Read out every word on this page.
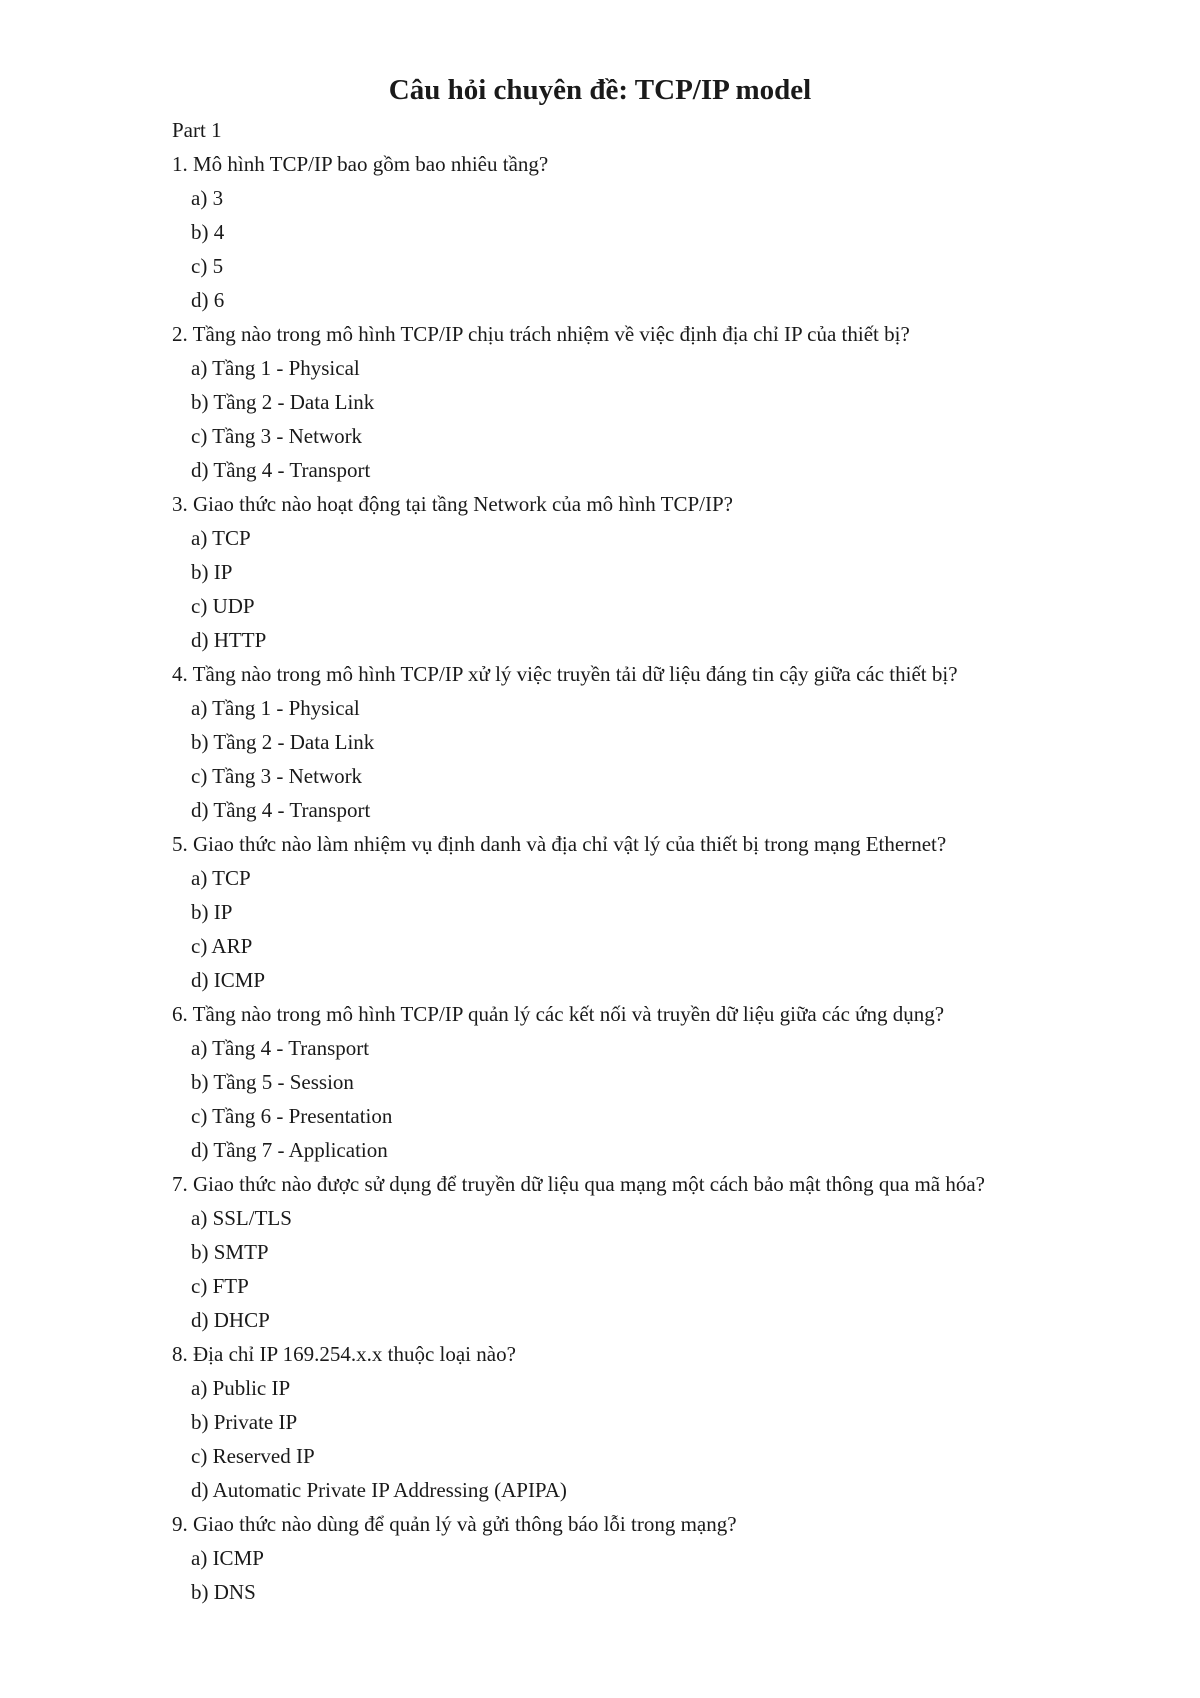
Câu hỏi chuyên đề: TCP/IP model
Part 1
1. Mô hình TCP/IP bao gồm bao nhiêu tầng?
a) 3
b) 4
c) 5
d) 6
2. Tầng nào trong mô hình TCP/IP chịu trách nhiệm về việc định địa chỉ IP của thiết bị?
a) Tầng 1 - Physical
b) Tầng 2 - Data Link
c) Tầng 3 - Network
d) Tầng 4 - Transport
3. Giao thức nào hoạt động tại tầng Network của mô hình TCP/IP?
a) TCP
b) IP
c) UDP
d) HTTP
4. Tầng nào trong mô hình TCP/IP xử lý việc truyền tải dữ liệu đáng tin cậy giữa các thiết bị?
a) Tầng 1 - Physical
b) Tầng 2 - Data Link
c) Tầng 3 - Network
d) Tầng 4 - Transport
5. Giao thức nào làm nhiệm vụ định danh và địa chỉ vật lý của thiết bị trong mạng Ethernet?
a) TCP
b) IP
c) ARP
d) ICMP
6. Tầng nào trong mô hình TCP/IP quản lý các kết nối và truyền dữ liệu giữa các ứng dụng?
a) Tầng 4 - Transport
b) Tầng 5 - Session
c) Tầng 6 - Presentation
d) Tầng 7 - Application
7. Giao thức nào được sử dụng để truyền dữ liệu qua mạng một cách bảo mật thông qua mã hóa?
a) SSL/TLS
b) SMTP
c) FTP
d) DHCP
8. Địa chỉ IP 169.254.x.x thuộc loại nào?
a) Public IP
b) Private IP
c) Reserved IP
d) Automatic Private IP Addressing (APIPA)
9. Giao thức nào dùng để quản lý và gửi thông báo lỗi trong mạng?
a) ICMP
b) DNS
